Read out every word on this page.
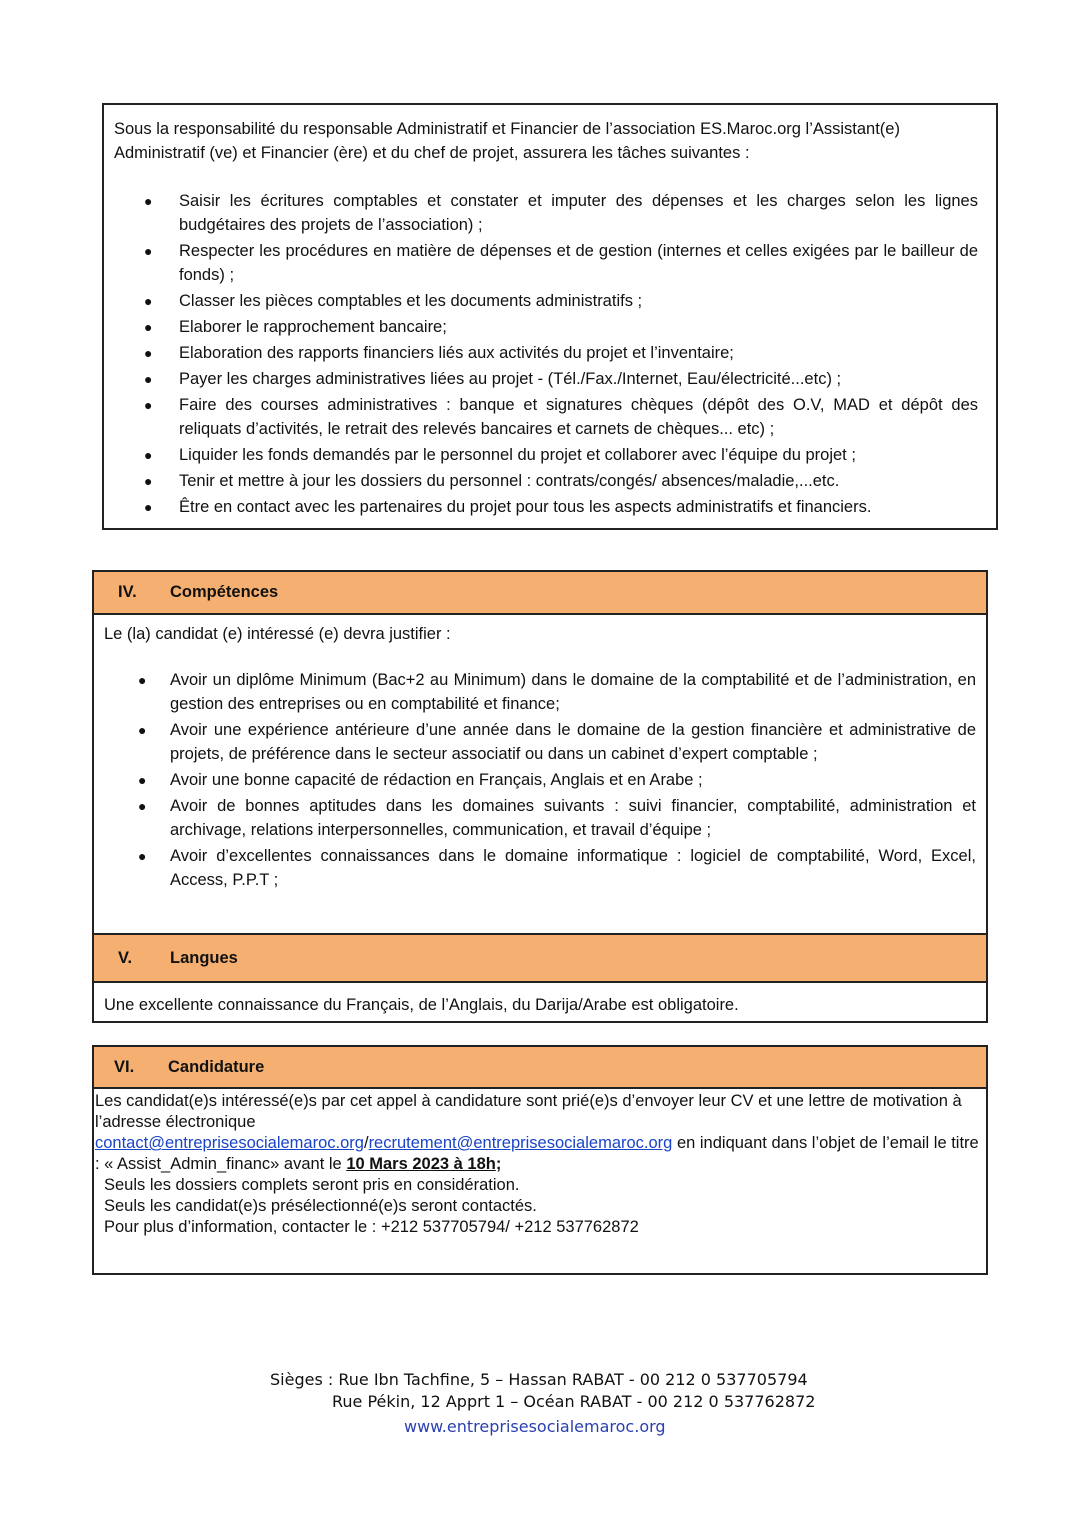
Sous la responsabilité du responsable Administratif et Financier de l’association ES.Maroc.org l’Assistant(e) Administratif (ve) et Financier (ère) et du chef de projet, assurera les tâches suivantes :

● Saisir les écritures comptables et constater et imputer des dépenses et les charges selon les lignes budgétaires des projets de l’association) ;
● Respecter les procédures en matière de dépenses et de gestion (internes et celles exigées par le bailleur de fonds) ;
● Classer les pièces comptables et les documents administratifs ;
● Elaborer le rapprochement bancaire;
● Elaboration des rapports financiers liés aux activités du projet et l’inventaire;
● Payer les charges administratives liées au projet - (Tél./Fax./Internet, Eau/électricité...etc) ;
● Faire des courses administratives : banque et signatures chèques (dépôt des O.V, MAD et dépôt des reliquats d’activités, le retrait des relevés bancaires et carnets de chèques... etc) ;
● Liquider les fonds demandés par le personnel du projet et collaborer avec l’équipe du projet ;
● Tenir et mettre à jour les dossiers du personnel : contrats/congés/ absences/maladie,...etc.
● Être en contact avec les partenaires du projet pour tous les aspects administratifs et financiers.
IV.	Compétences

Le (la) candidat (e) intéressé (e) devra justifier :

● Avoir un diplôme Minimum (Bac+2 au Minimum) dans le domaine de la comptabilité et de l’administration, en gestion des entreprises ou en comptabilité et finance;
● Avoir une expérience antérieure d’une année dans le domaine de la gestion financière et administrative de projets, de préférence dans le secteur associatif ou dans un cabinet d’expert comptable ;
● Avoir une bonne capacité de rédaction en Français, Anglais et en Arabe ;
● Avoir de bonnes aptitudes dans les domaines suivants : suivi financier, comptabilité, administration et archivage, relations interpersonnelles, communication, et travail d’équipe ;
● Avoir d’excellentes connaissances dans le domaine informatique : logiciel de comptabilité, Word, Excel, Access, P.P.T ;
V.	Langues

Une excellente connaissance du Français, de l’Anglais, du Darija/Arabe est obligatoire.

VI.	Candidature

Les candidat(e)s intéressé(e)s par cet appel à candidature sont prié(e)s d’envoyer leur CV et une lettre de motivation à l’adresse électronique
contact@entreprisesocialemaroc.org/recrutement@entreprisesocialemaroc.org en indiquant dans l’objet de l’email le titre : « Assist_Admin_financ» avant le 10 Mars 2023 à 18h;

Seuls les dossiers complets seront pris en considération.

Seuls les candidat(e)s présélectionné(e)s seront contactés.

Pour plus d’information, contacter le : +212 537705794/ +212 537762872

Sièges : Rue Ibn Tachfine, 5 – Hassan RABAT - 00 212 0 537705794
Rue Pékin, 12 Apprt 1 – Océan RABAT - 00 212 0 537762872
www.entreprisesocialemaroc.org
